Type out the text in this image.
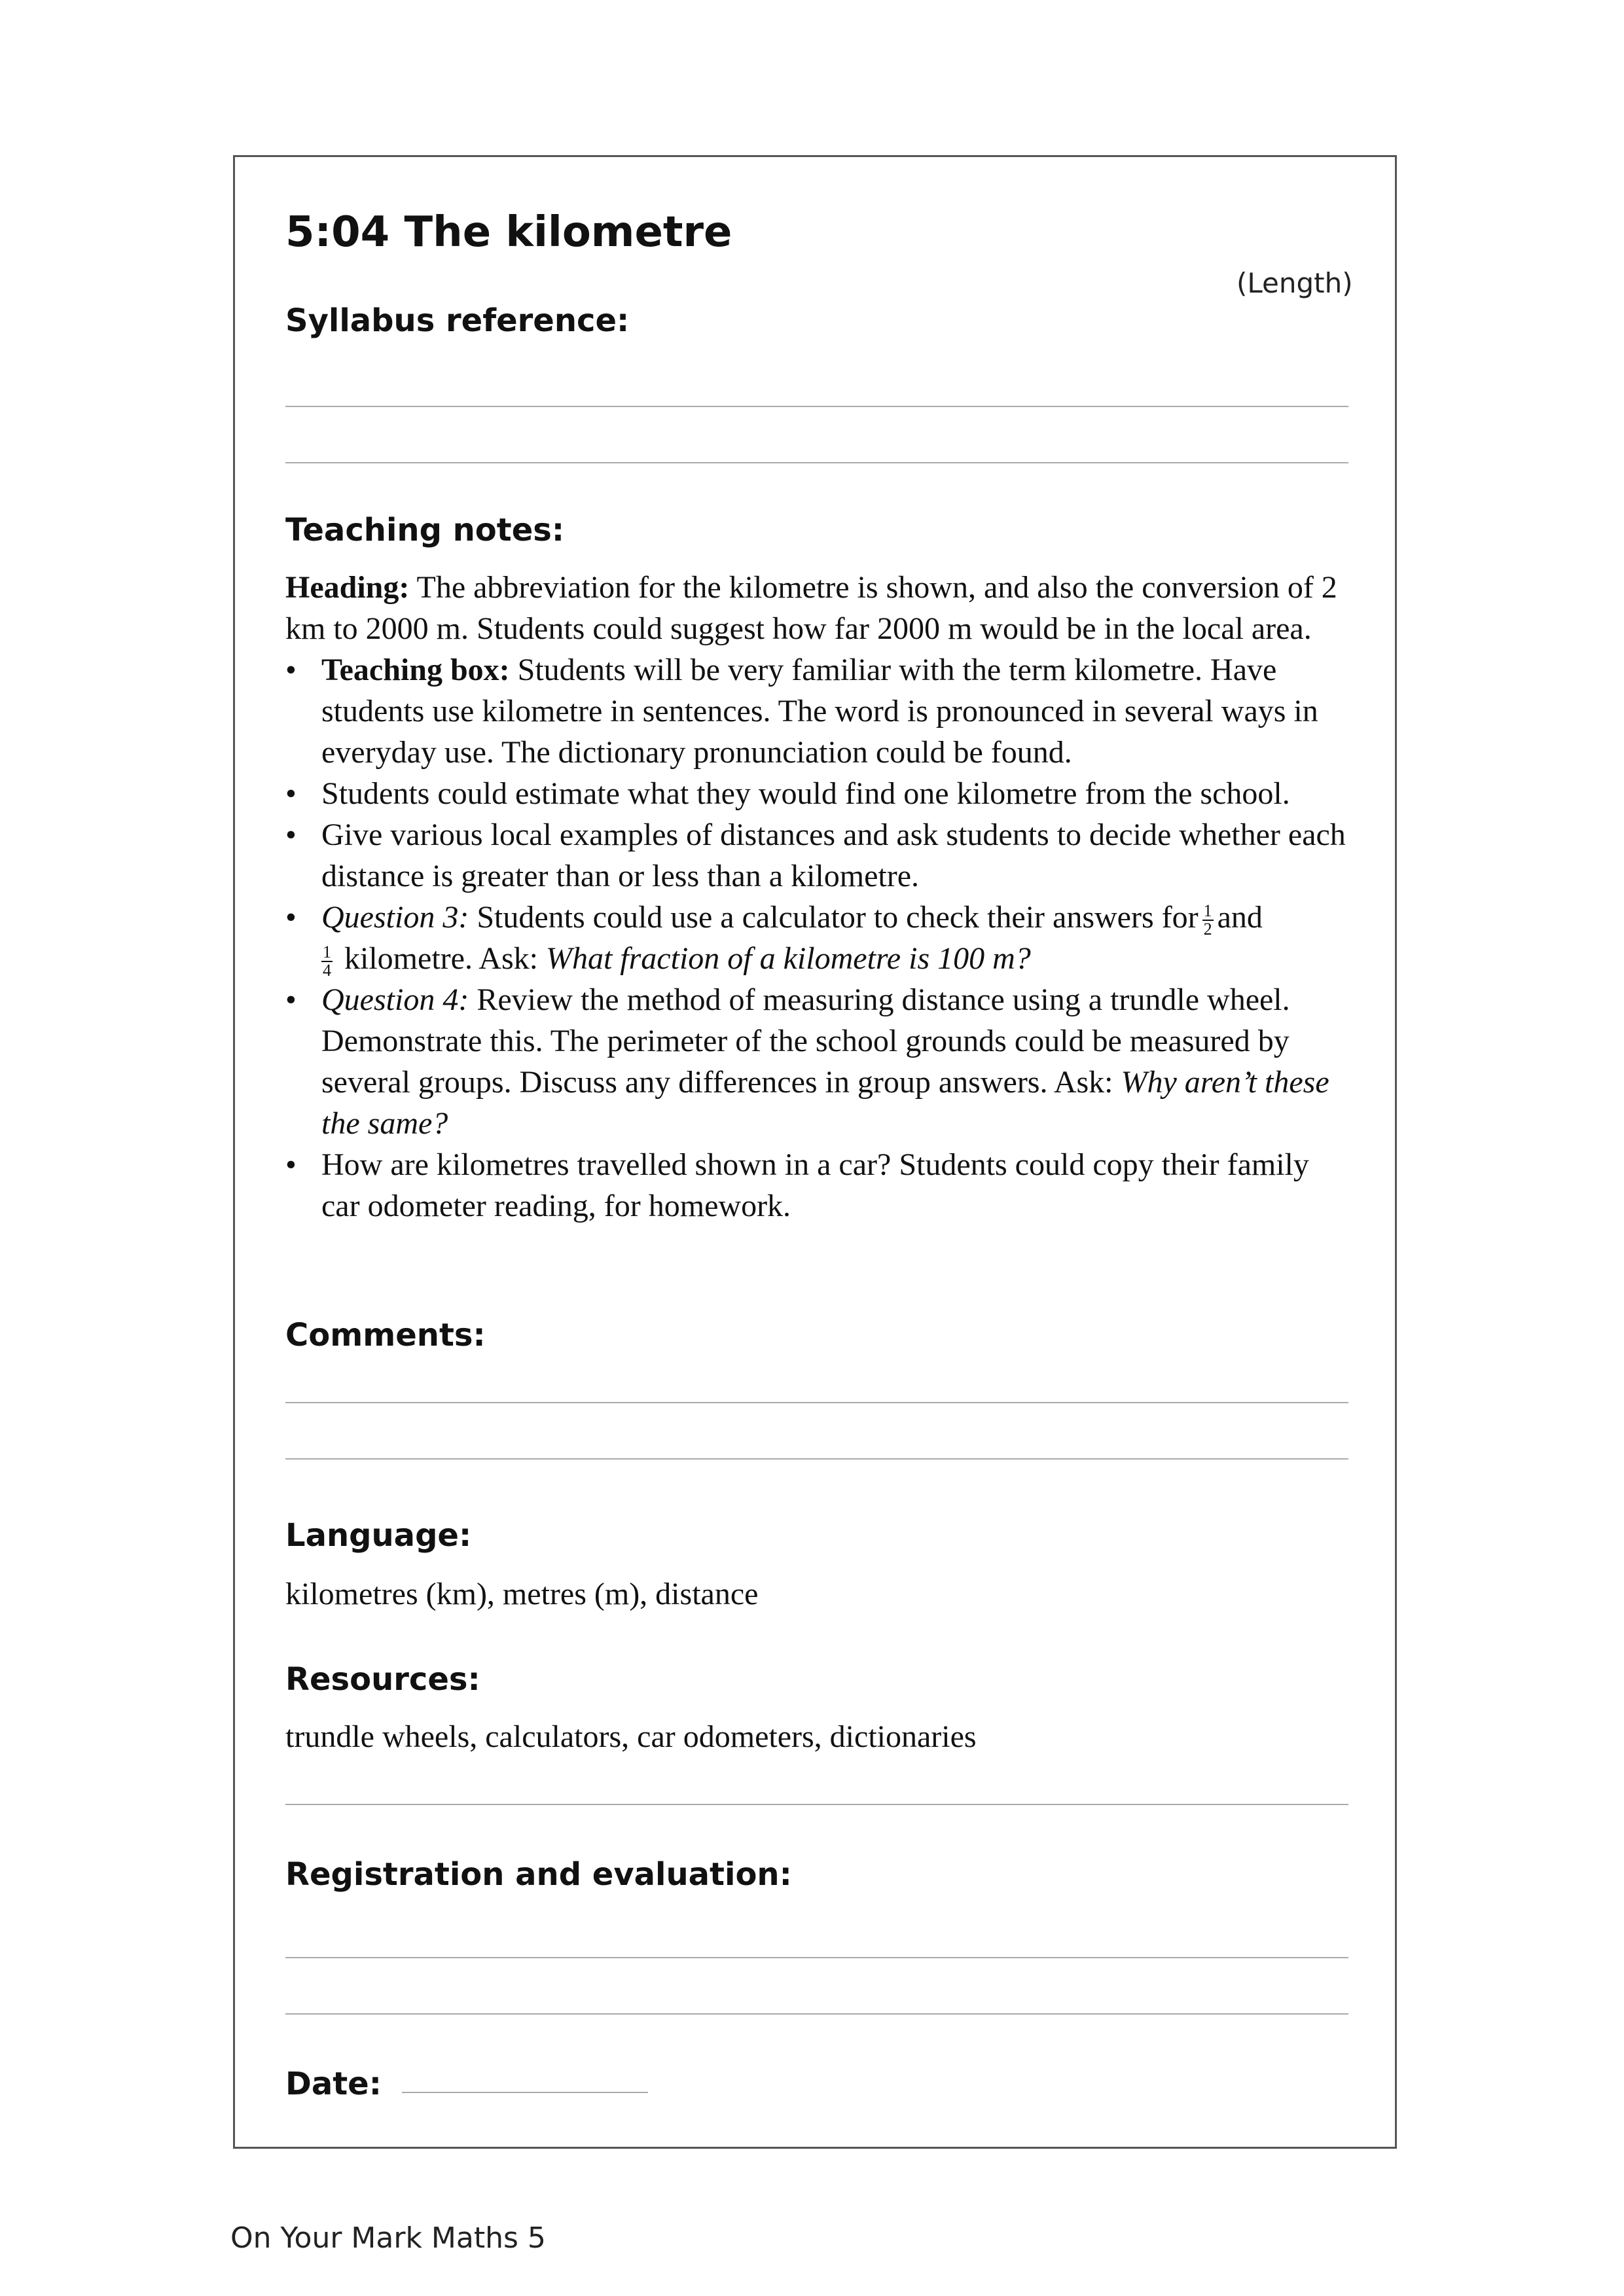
5:04 The kilometre
(Length)
Syllabus reference:
Teaching notes:

Heading: The abbreviation for the kilometre is shown, and also the conversion of 2 km to 2000 m. Students could suggest how far 2000 m would be in the local area.

• Teaching box: Students will be very familiar with the term kilometre. Have students use kilometre in sentences. The word is pronounced in several ways in everyday use. The dictionary pronunciation could be found.
• Students could estimate what they would find one kilometre from the school.
• Give various local examples of distances and ask students to decide whether each distance is greater than or less than a kilometre.
• Question 3: Students could use a calculator to check their answers for $\frac{1}{2}$ and

$\frac{1}{4}$ kilometre. Ask: What fraction of a kilometre is 100 m?
• Question 4: Review the method of measuring distance using a trundle wheel. Demonstrate this. The perimeter of the school grounds could be measured by several groups. Discuss any differences in group answers. Ask: Why aren’t these the same?
• How are kilometres travelled shown in a car? Students could copy their family car odometer reading, for homework.
Comments:
Language:
kilometres (km), metres (m), distance
Resources:
trundle wheels, calculators, car odometers, dictionaries
Registration and evaluation:
Date:
On Your Mark Maths 5
